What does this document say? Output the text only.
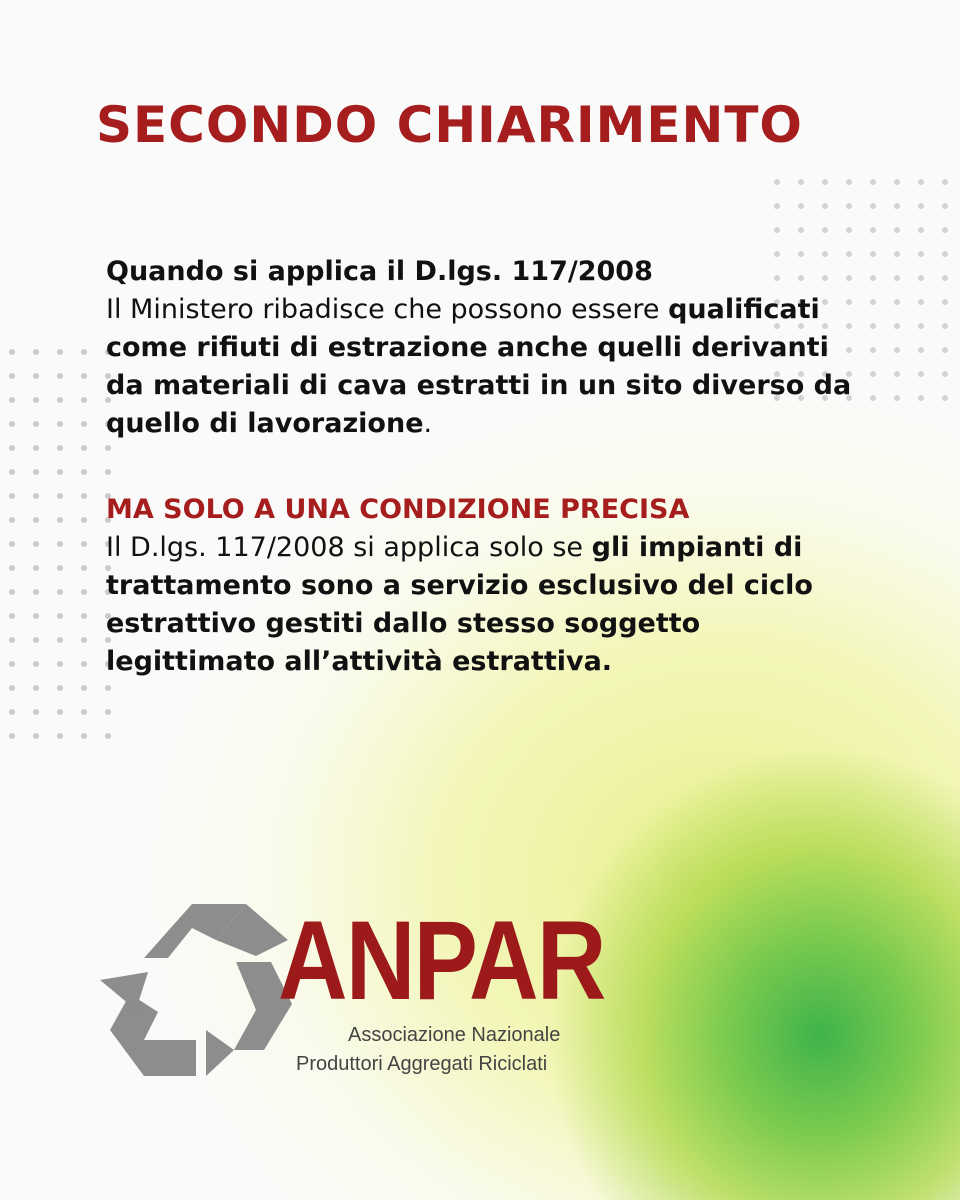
SECONDO CHIARIMENTO
Quando si applica il D.lgs. 117/2008
Il Ministero ribadisce che possono essere qualificati come rifiuti di estrazione anche quelli derivanti da materiali di cava estratti in un sito diverso da quello di lavorazione.
MA SOLO A UNA CONDIZIONE PRECISA
Il D.lgs. 117/2008 si applica solo se gli impianti di trattamento sono a servizio esclusivo del ciclo estrattivo gestiti dallo stesso soggetto legittimato all’attività estrattiva.
ANPAR
Associazione Nazionale
Produttori Aggregati Riciclati
